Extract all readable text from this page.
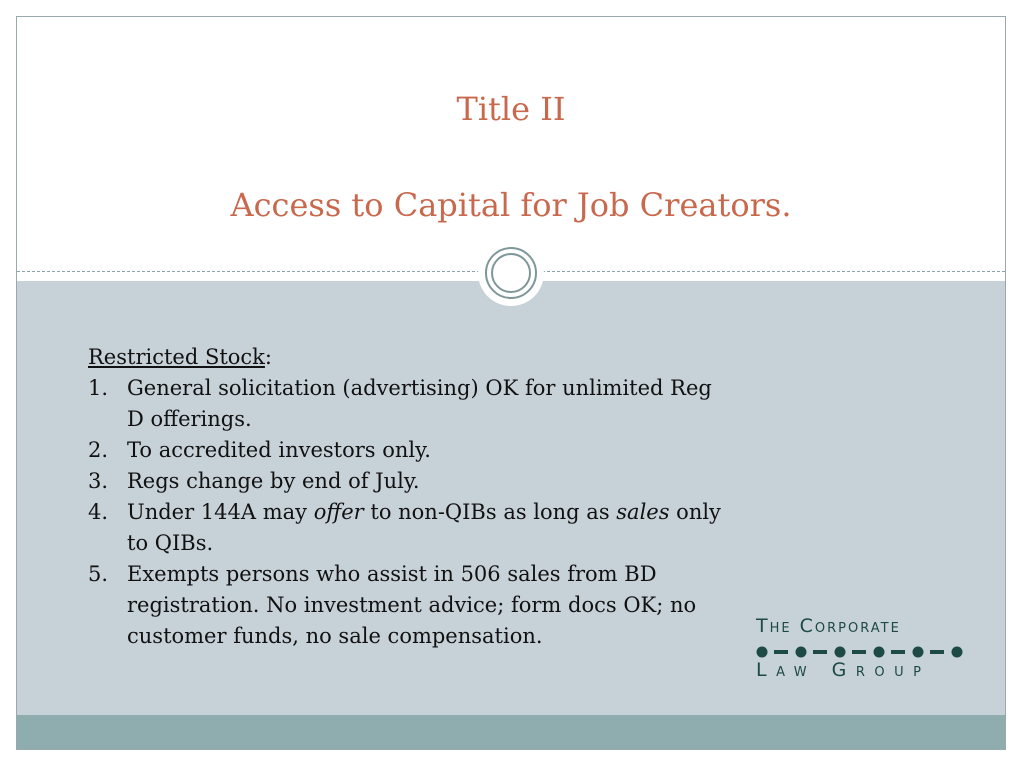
Title II
Access to Capital for Job Creators.
Restricted Stock:
1. General solicitation (advertising) OK for unlimited Reg D offerings.
2. To accredited investors only.
3. Regs change by end of July.
4. Under 144A may offer to non-QIBs as long as sales only to QIBs.
5. Exempts persons who assist in 506 sales from BD registration. No investment advice; form docs OK; no customer funds, no sale compensation.	The Corporate
Law Group
